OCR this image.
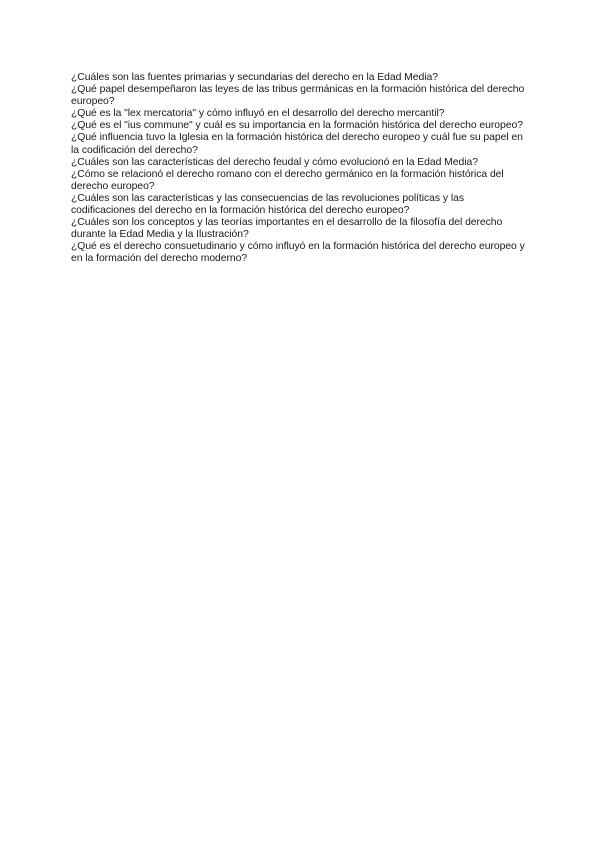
¿Cuáles son las fuentes primarias y secundarias del derecho en la Edad Media?
¿Qué papel desempeñaron las leyes de las tribus germánicas en la formación histórica del derecho europeo?
¿Qué es la "lex mercatoria" y cómo influyó en el desarrollo del derecho mercantil?
¿Qué es el "ius commune" y cuál es su importancia en la formación histórica del derecho europeo?
¿Qué influencia tuvo la Iglesia en la formación histórica del derecho europeo y cuál fue su papel en la codificación del derecho?
¿Cuáles son las características del derecho feudal y cómo evolucionó en la Edad Media?
¿Cómo se relacionó el derecho romano con el derecho germánico en la formación histórica del derecho europeo?
¿Cuáles son las características y las consecuencias de las revoluciones políticas y las codificaciones del derecho en la formación histórica del derecho europeo?
¿Cuáles son los conceptos y las teorías importantes en el desarrollo de la filosofía del derecho durante la Edad Media y la Ilustración?
¿Qué es el derecho consuetudinario y cómo influyó en la formación histórica del derecho europeo y en la formación del derecho moderno?
